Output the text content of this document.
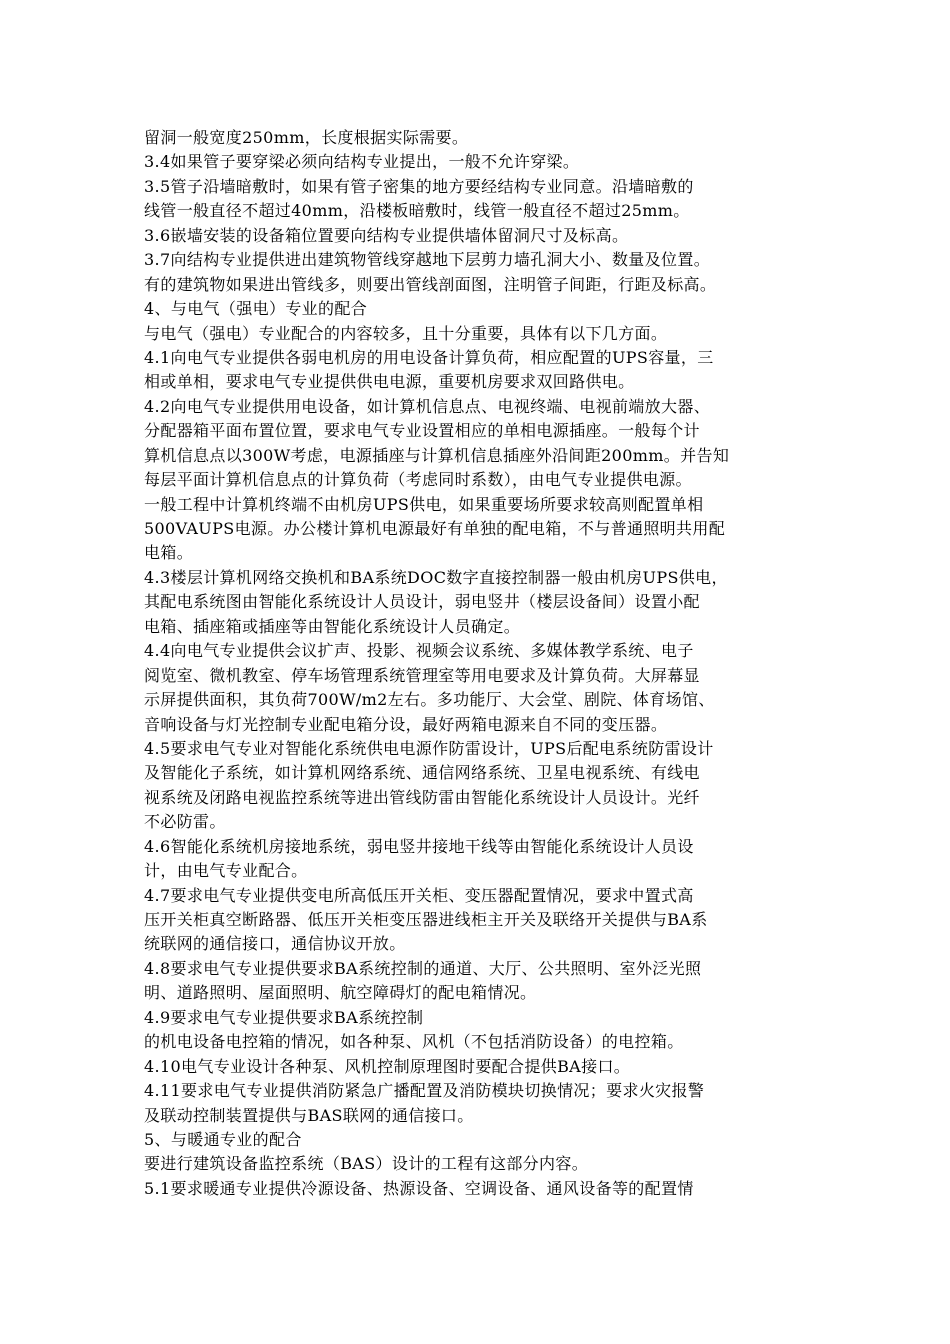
留洞一般宽度250mm，长度根据实际需要。
3.4如果管子要穿梁必须向结构专业提出，一般不允许穿梁。
3.5管子沿墙暗敷时，如果有管子密集的地方要经结构专业同意。沿墙暗敷的
线管一般直径不超过40mm，沿楼板暗敷时，线管一般直径不超过25mm。
3.6嵌墙安装的设备箱位置要向结构专业提供墙体留洞尺寸及标高。
3.7向结构专业提供进出建筑物管线穿越地下层剪力墙孔洞大小、数量及位置。
有的建筑物如果进出管线多，则要出管线剖面图，注明管子间距，行距及标高。
4、与电气（强电）专业的配合
与电气（强电）专业配合的内容较多，且十分重要，具体有以下几方面。
4.1向电气专业提供各弱电机房的用电设备计算负荷，相应配置的UPS容量，三
相或单相，要求电气专业提供供电电源，重要机房要求双回路供电。
4.2向电气专业提供用电设备，如计算机信息点、电视终端、电视前端放大器、
分配器箱平面布置位置，要求电气专业设置相应的单相电源插座。一般每个计
算机信息点以300W考虑，电源插座与计算机信息插座外沿间距200mm。并告知
每层平面计算机信息点的计算负荷（考虑同时系数），由电气专业提供电源。
一般工程中计算机终端不由机房UPS供电，如果重要场所要求较高则配置单相
500VAUPS电源。办公楼计算机电源最好有单独的配电箱，不与普通照明共用配
电箱。
4.3楼层计算机网络交换机和BA系统DOC数字直接控制器一般由机房UPS供电，
其配电系统图由智能化系统设计人员设计，弱电竖井（楼层设备间）设置小配
电箱、插座箱或插座等由智能化系统设计人员确定。
4.4向电气专业提供会议扩声、投影、视频会议系统、多媒体教学系统、电子
阅览室、微机教室、停车场管理系统管理室等用电要求及计算负荷。大屏幕显
示屏提供面积，其负荷700W/m2左右。多功能厅、大会堂、剧院、体育场馆、
音响设备与灯光控制专业配电箱分设，最好两箱电源来自不同的变压器。
4.5要求电气专业对智能化系统供电电源作防雷设计，UPS后配电系统防雷设计
及智能化子系统，如计算机网络系统、通信网络系统、卫星电视系统、有线电
视系统及闭路电视监控系统等进出管线防雷由智能化系统设计人员设计。光纤
不必防雷。
4.6智能化系统机房接地系统，弱电竖井接地干线等由智能化系统设计人员设
计，由电气专业配合。
4.7要求电气专业提供变电所高低压开关柜、变压器配置情况，要求中置式高
压开关柜真空断路器、低压开关柜变压器进线柜主开关及联络开关提供与BA系
统联网的通信接口，通信协议开放。
4.8要求电气专业提供要求BA系统控制的通道、大厅、公共照明、室外泛光照
明、道路照明、屋面照明、航空障碍灯的配电箱情况。
4.9要求电气专业提供要求BA系统控制
的机电设备电控箱的情况，如各种泵、风机（不包括消防设备）的电控箱。
4.10电气专业设计各种泵、风机控制原理图时要配合提供BA接口。
4.11要求电气专业提供消防紧急广播配置及消防模块切换情况；要求火灾报警
及联动控制装置提供与BAS联网的通信接口。
5、与暖通专业的配合
要进行建筑设备监控系统（BAS）设计的工程有这部分内容。
5.1要求暖通专业提供冷源设备、热源设备、空调设备、通风设备等的配置情
